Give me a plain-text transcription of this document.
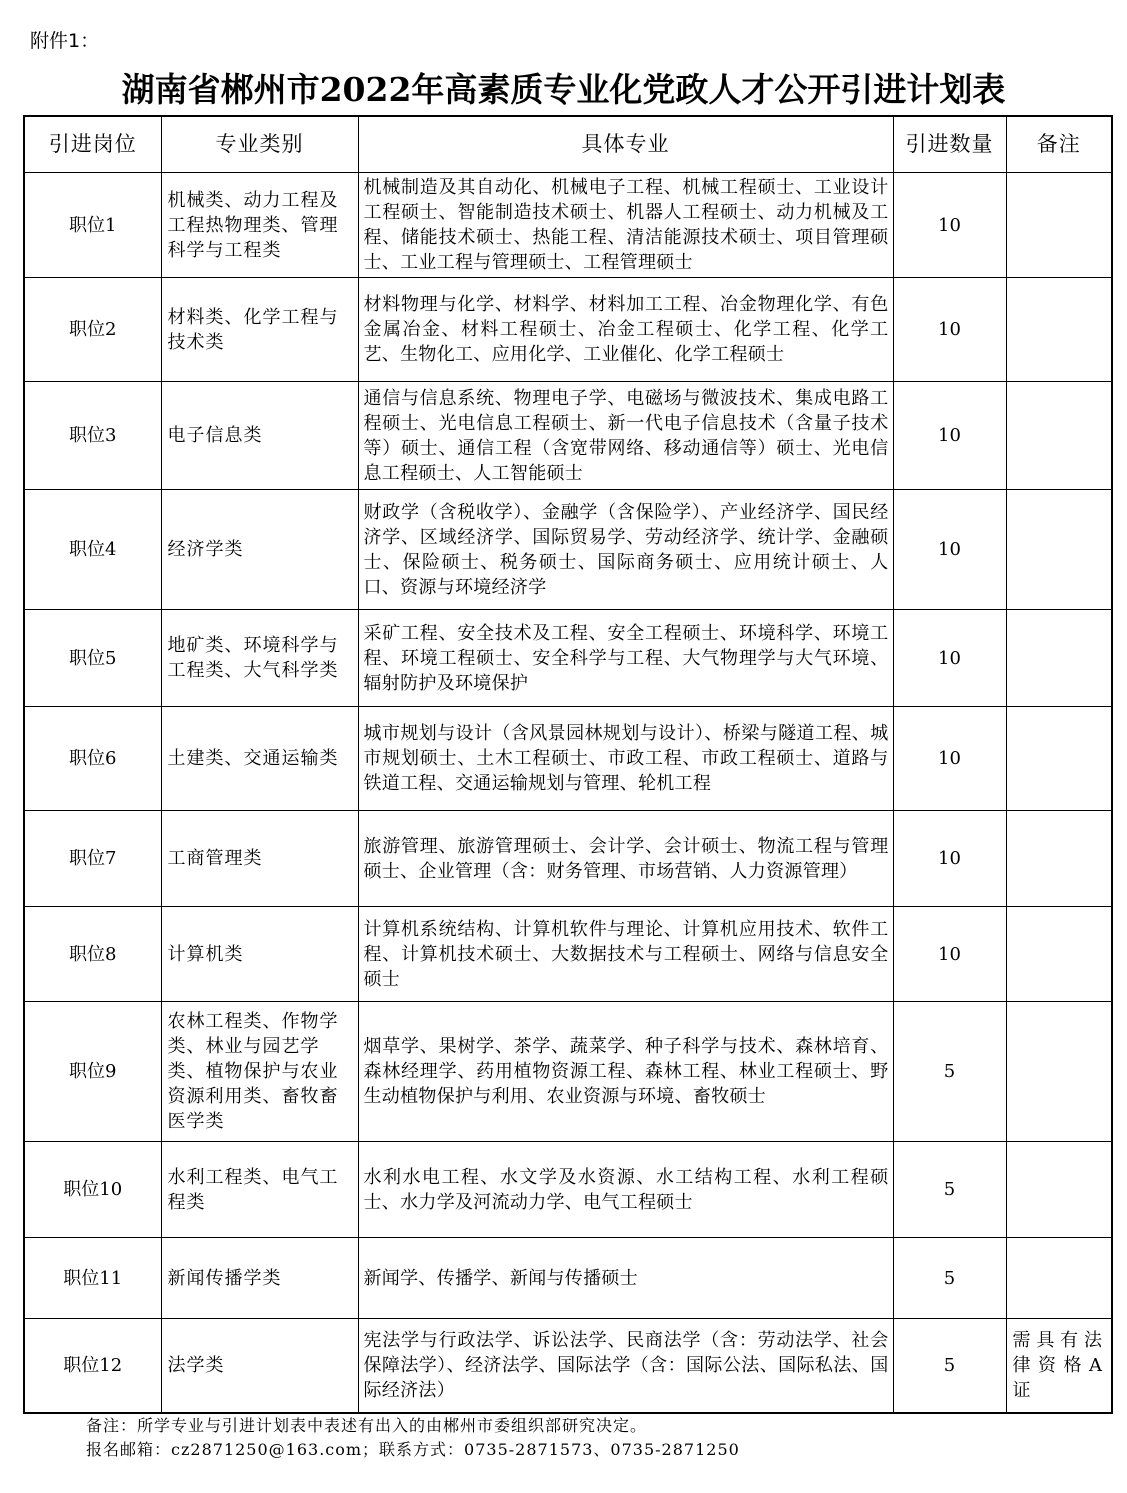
附件1：
湖南省郴州市2022年高素质专业化党政人才公开引进计划表
引进岗位	专业类别	具体专业	引进数量	备注
职位1	机械类、动力工程及工程热物理类、管理科学与工程类	机械制造及其自动化、机械电子工程、机械工程硕士、工业设计工程硕士、智能制造技术硕士、机器人工程硕士、动力机械及工程、储能技术硕士、热能工程、清洁能源技术硕士、项目管理硕士、工业工程与管理硕士、工程管理硕士	10	
职位2	材料类、化学工程与技术类	材料物理与化学、材料学、材料加工工程、冶金物理化学、有色金属冶金、材料工程硕士、冶金工程硕士、化学工程、化学工艺、生物化工、应用化学、工业催化、化学工程硕士	10	
职位3	电子信息类	通信与信息系统、物理电子学、电磁场与微波技术、集成电路工程硕士、光电信息工程硕士、新一代电子信息技术（含量子技术等）硕士、通信工程（含宽带网络、移动通信等）硕士、光电信息工程硕士、人工智能硕士	10	
职位4	经济学类	财政学（含税收学）、金融学（含保险学）、产业经济学、国民经济学、区域经济学、国际贸易学、劳动经济学、统计学、金融硕士、保险硕士、税务硕士、国际商务硕士、应用统计硕士、人口、资源与环境经济学	10	
职位5	地矿类、环境科学与工程类、大气科学类	采矿工程、安全技术及工程、安全工程硕士、环境科学、环境工程、环境工程硕士、安全科学与工程、大气物理学与大气环境、辐射防护及环境保护	10	
职位6	土建类、交通运输类	城市规划与设计（含风景园林规划与设计）、桥梁与隧道工程、城市规划硕士、土木工程硕士、市政工程、市政工程硕士、道路与铁道工程、交通运输规划与管理、轮机工程	10	
职位7	工商管理类	旅游管理、旅游管理硕士、会计学、会计硕士、物流工程与管理硕士、企业管理（含：财务管理、市场营销、人力资源管理）	10	
职位8	计算机类	计算机系统结构、计算机软件与理论、计算机应用技术、软件工程、计算机技术硕士、大数据技术与工程硕士、网络与信息安全硕士	10	
职位9	农林工程类、作物学类、林业与园艺学类、植物保护与农业资源利用类、畜牧畜医学类	烟草学、果树学、茶学、蔬菜学、种子科学与技术、森林培育、森林经理学、药用植物资源工程、森林工程、林业工程硕士、野生动植物保护与利用、农业资源与环境、畜牧硕士	5	
职位10	水利工程类、电气工程类	水利水电工程、水文学及水资源、水工结构工程、水利工程硕士、水力学及河流动力学、电气工程硕士	5	
职位11	新闻传播学类	新闻学、传播学、新闻与传播硕士	5	
职位12	法学类	宪法学与行政法学、诉讼法学、民商法学（含：劳动法学、社会保障法学）、经济法学、国际法学（含：国际公法、国际私法、国际经济法）	5	需具有法律资格A证
备注：所学专业与引进计划表中表述有出入的由郴州市委组织部研究决定。
报名邮箱：cz2871250@163.com；联系方式：0735-2871573、0735-2871250
